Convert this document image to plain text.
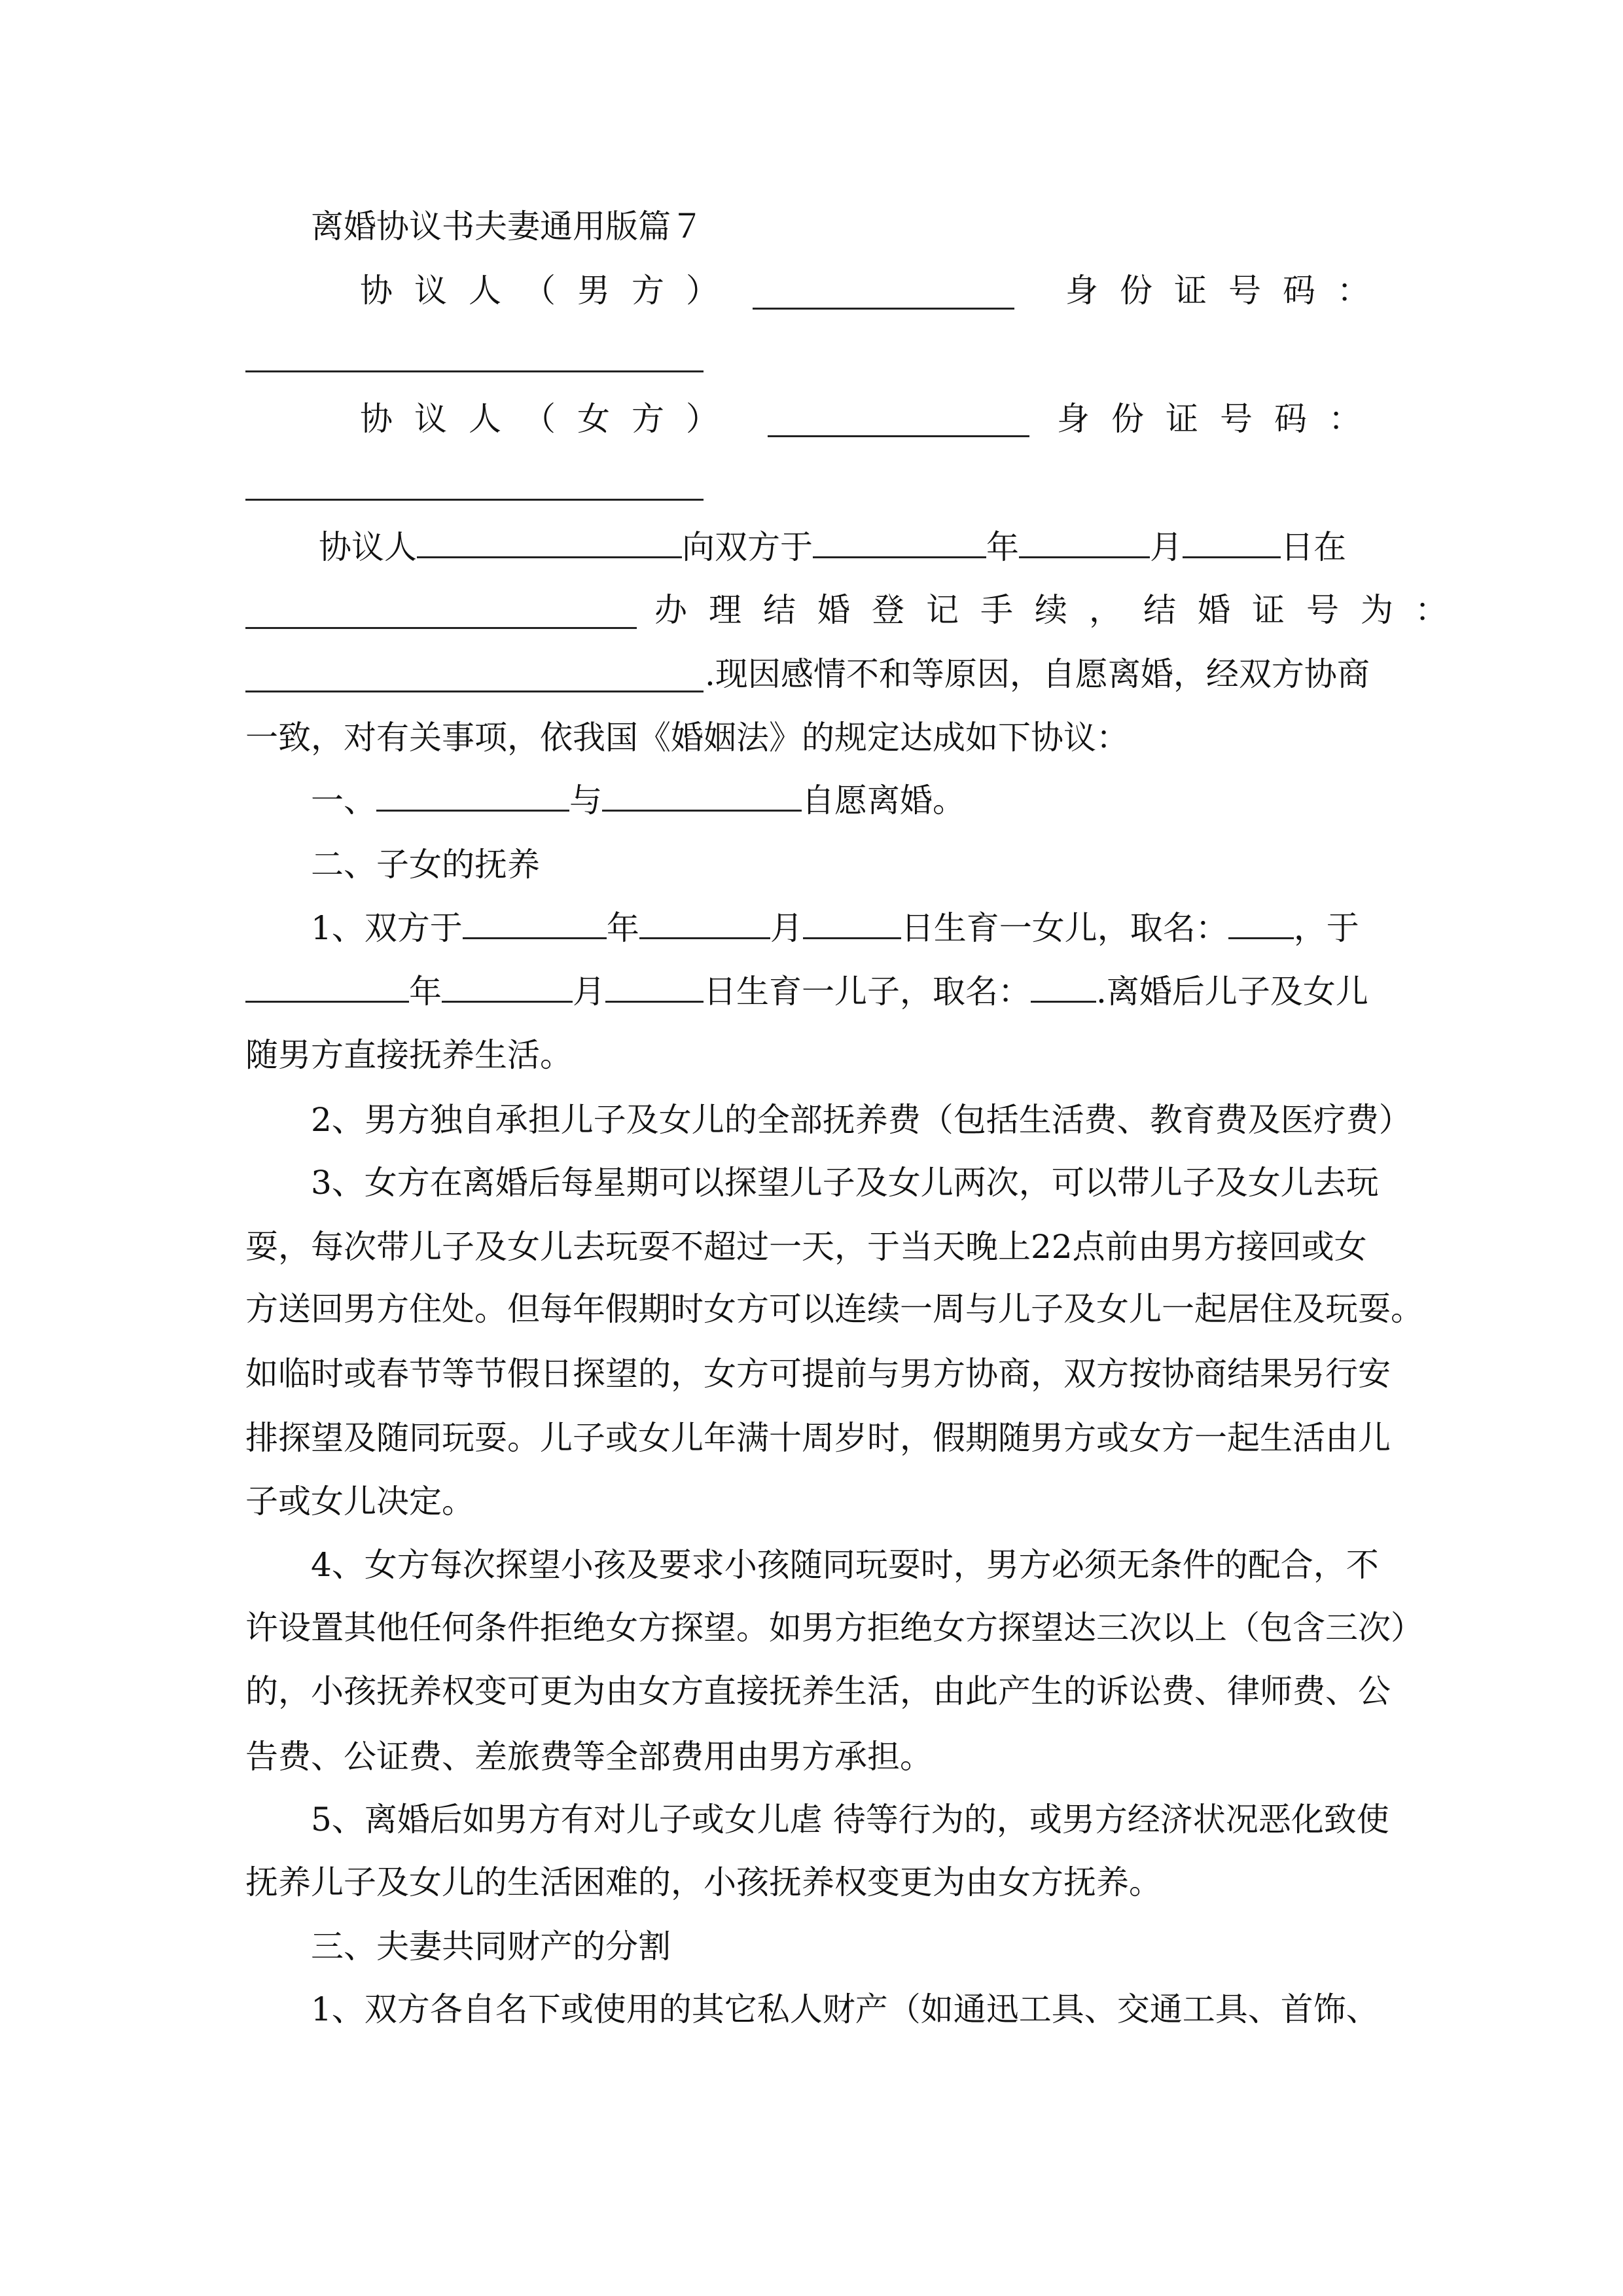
离婚协议书夫妻通用版篇７
协议人（男方）	身份证号码：
协议人（女方）	身份证号码：
协议人	向双方于	年	月	日在
办理结婚登记手续，结婚证号为：
.现因感情不和等原因，自愿离婚，经双方协商
一致，对有关事项，依我国《婚姻法》的规定达成如下协议：
一、	与	自愿离婚。
二、子女的抚养
1、双方于	年	月	日生育一女儿，取名： ，于
年	月	日生育一儿子，取名： .离婚后儿子及女儿
随男方直接抚养生活。
2、男方独自承担儿子及女儿的全部抚养费（包括生活费、教育费及医疗费）
3、女方在离婚后每星期可以探望儿子及女儿两次，可以带儿子及女儿去玩
耍，每次带儿子及女儿去玩耍不超过一天，于当天晚上22点前由男方接回或女
方送回男方住处。但每年假期时女方可以连续一周与儿子及女儿一起居住及玩耍。
如临时或春节等节假日探望的，女方可提前与男方协商，双方按协商结果另行安
排探望及随同玩耍。儿子或女儿年满十周岁时，假期随男方或女方一起生活由儿
子或女儿决定。
4、女方每次探望小孩及要求小孩随同玩耍时，男方必须无条件的配合，不
许设置其他任何条件拒绝女方探望。如男方拒绝女方探望达三次以上（包含三次）
的，小孩抚养权变可更为由女方直接抚养生活，由此产生的诉讼费、律师费、公
告费、公证费、差旅费等全部费用由男方承担。
5、离婚后如男方有对儿子或女儿虐 待等行为的，或男方经济状况恶化致使
抚养儿子及女儿的生活困难的，小孩抚养权变更为由女方抚养。
三、夫妻共同财产的分割
1、双方各自名下或使用的其它私人财产（如通迅工具、交通工具、首饰、
